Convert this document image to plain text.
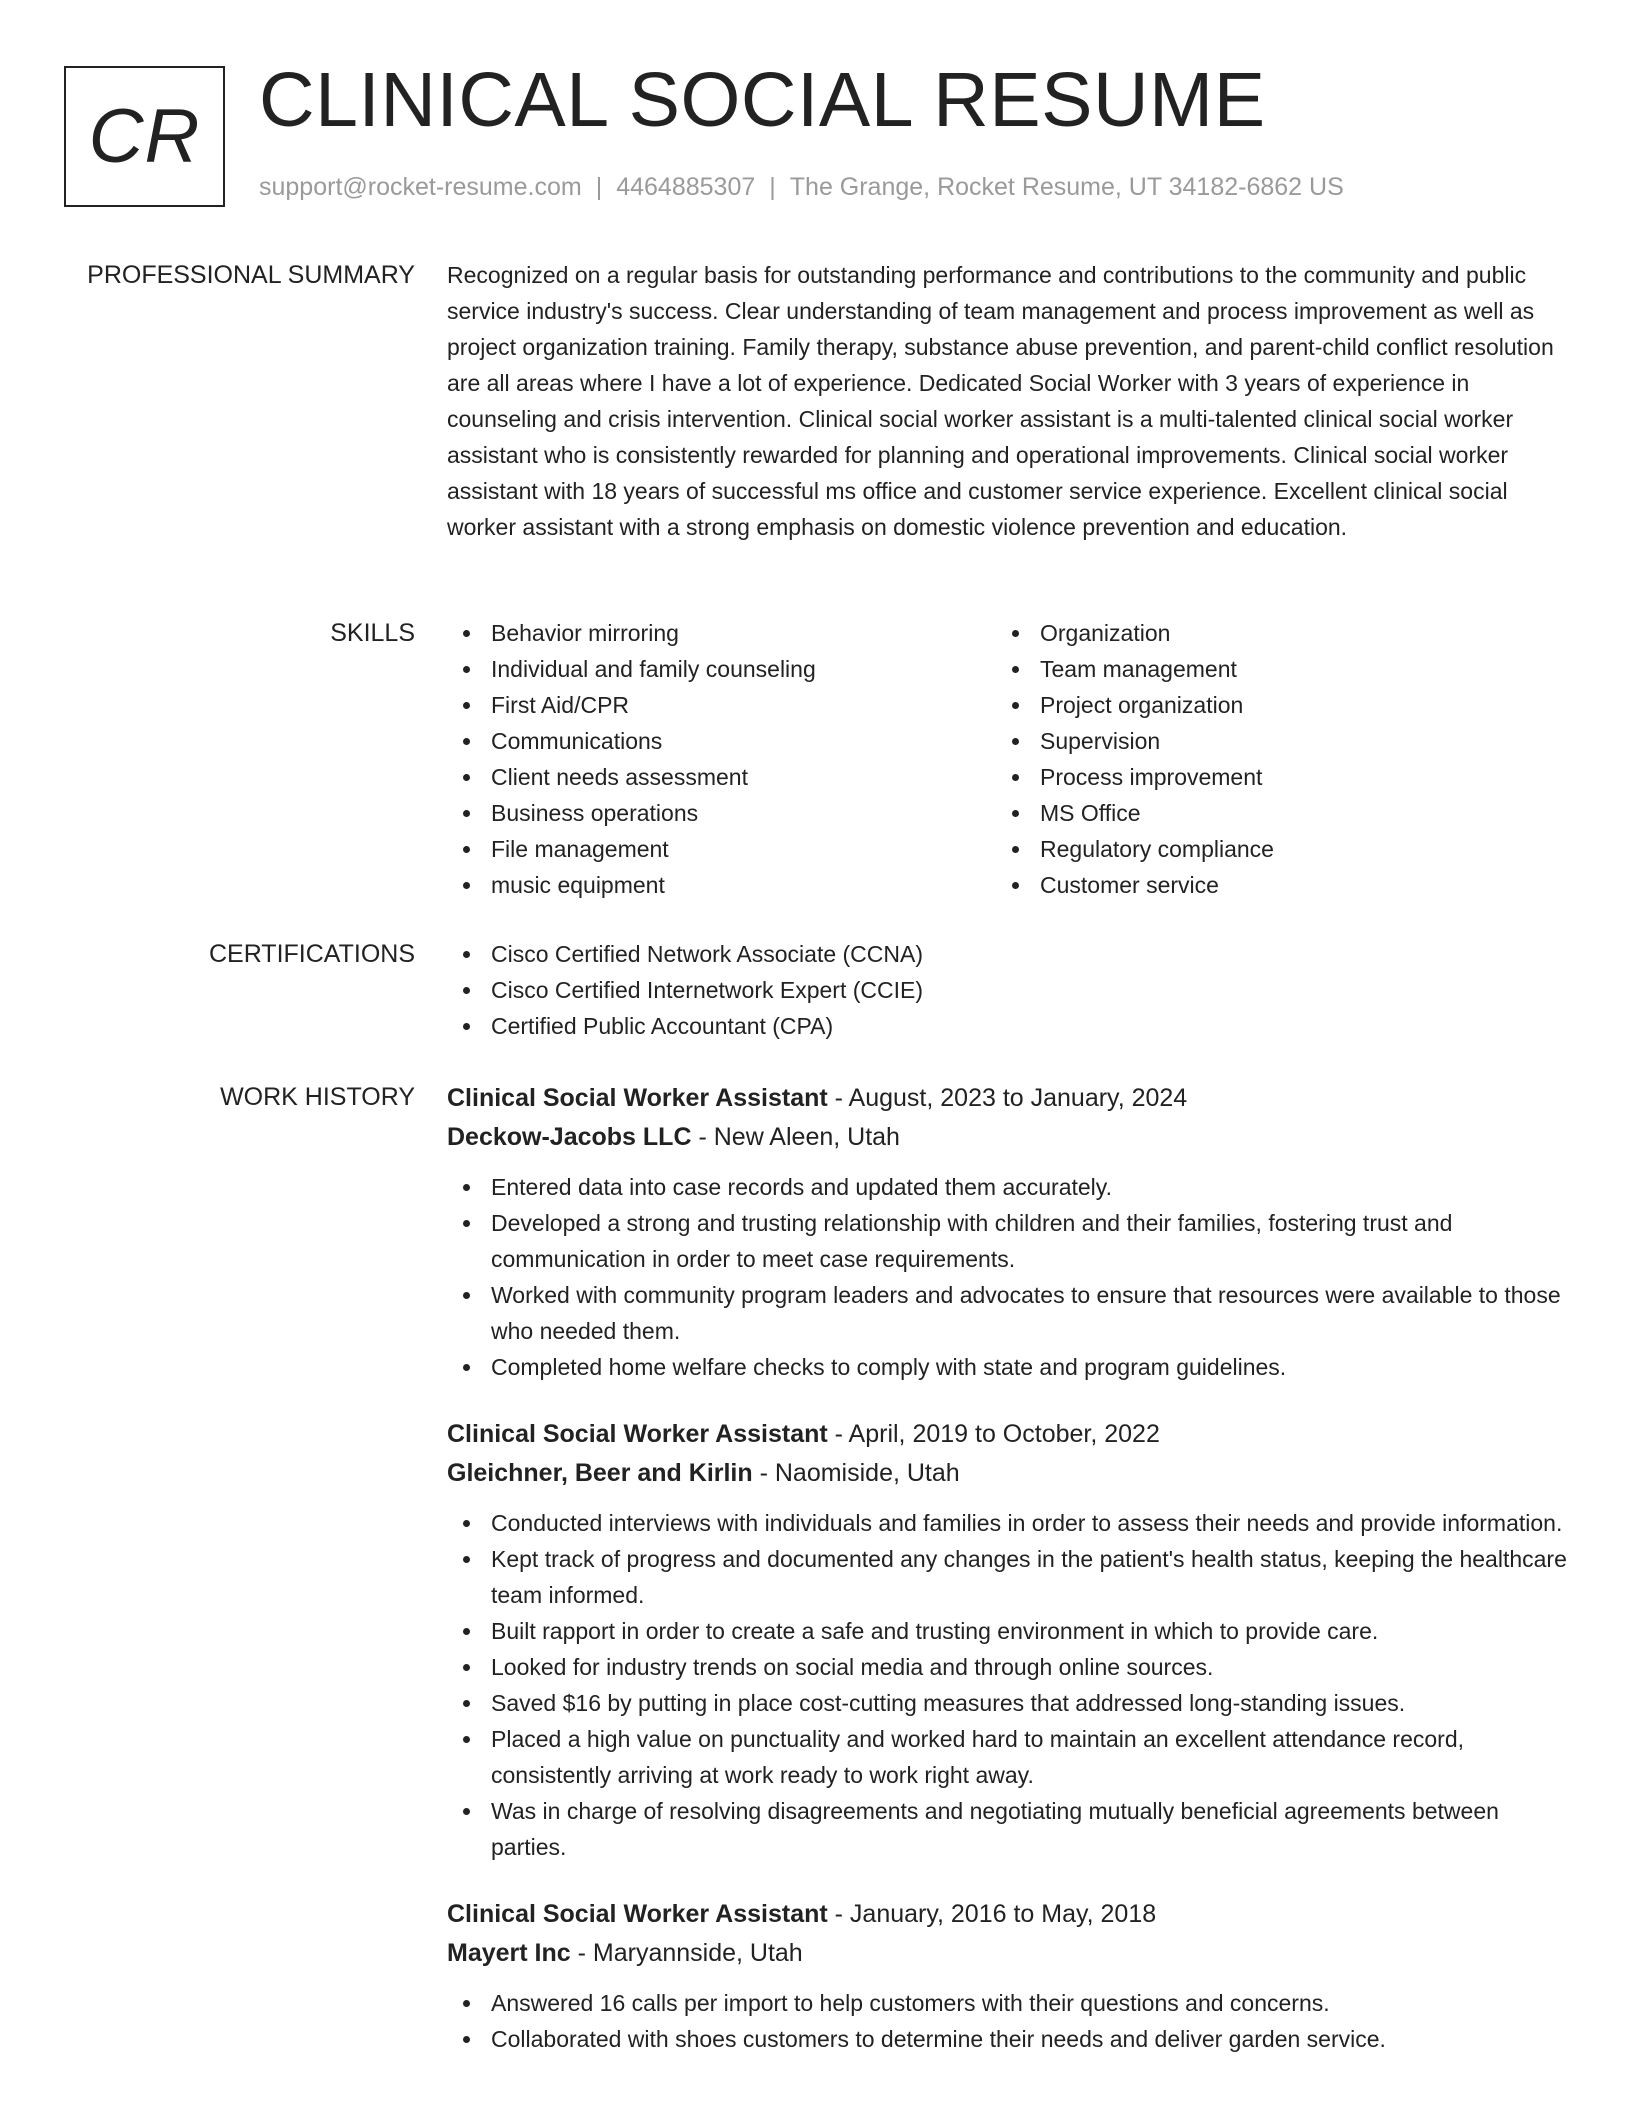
CR CLINICAL SOCIAL RESUME
support@rocket-resume.com | 4464885307 | The Grange, Rocket Resume, UT 34182-6862 US
PROFESSIONAL SUMMARY Recognized on a regular basis for outstanding performance and contributions to the community and public service industry's success. Clear understanding of team management and process improvement as well as project organization training. Family therapy, substance abuse prevention, and parent-child conflict resolution are all areas where I have a lot of experience. Dedicated Social Worker with 3 years of experience in counseling and crisis intervention. Clinical social worker assistant is a multi-talented clinical social worker assistant who is consistently rewarded for planning and operational improvements. Clinical social worker assistant with 18 years of successful ms office and customer service experience. Excellent clinical social worker assistant with a strong emphasis on domestic violence prevention and education.

SKILLS	Behavior mirroring
Individual and family counseling
First Aid/CPR
Communications
Client needs assessment
Business operations
File management
music equipment
Organization
Team management
Project organization
Supervision
Process improvement
MS Office
Regulatory compliance
Customer service
CERTIFICATIONS	Cisco Certified Network Associate (CCNA)
Cisco Certified Internetwork Expert (CCIE)
Certified Public Accountant (CPA)
WORK HISTORY Clinical Social Worker Assistant - August, 2023 to January, 2024
Deckow-Jacobs LLC - New Aleen, Utah
Entered data into case records and updated them accurately.
Developed a strong and trusting relationship with children and their families, fostering trust and communication in order to meet case requirements.
Worked with community program leaders and advocates to ensure that resources were available to those who needed them.
Completed home welfare checks to comply with state and program guidelines.
Clinical Social Worker Assistant - April, 2019 to October, 2022
Gleichner, Beer and Kirlin - Naomiside, Utah
Conducted interviews with individuals and families in order to assess their needs and provide information.
Kept track of progress and documented any changes in the patient's health status, keeping the healthcare team informed.
Built rapport in order to create a safe and trusting environment in which to provide care.
Looked for industry trends on social media and through online sources.
Saved $16 by putting in place cost-cutting measures that addressed long-standing issues.
Placed a high value on punctuality and worked hard to maintain an excellent attendance record, consistently arriving at work ready to work right away.
Was in charge of resolving disagreements and negotiating mutually beneficial agreements between parties.
Clinical Social Worker Assistant - January, 2016 to May, 2018
Mayert Inc - Maryannside, Utah
Answered 16 calls per import to help customers with their questions and concerns.
Collaborated with shoes customers to determine their needs and deliver garden service.
